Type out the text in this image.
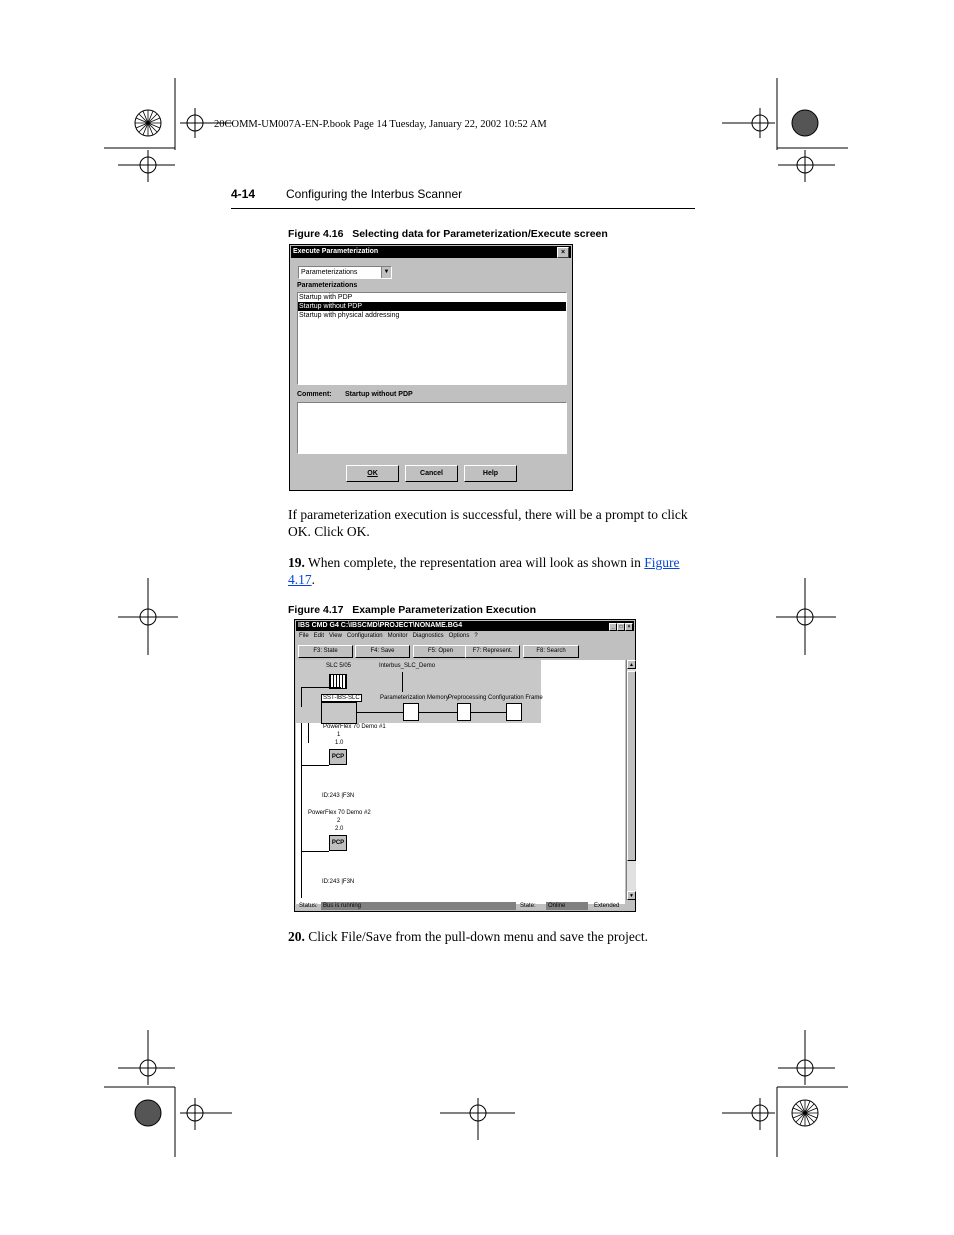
20COMM-UM007A-EN-P.book Page 14 Tuesday, January 22, 2002 10:52 AM
4-14	Configuring the Interbus Scanner
Figure 4.16   Selecting data for Parameterization/Execute screen
Execute Parameterization	×
Parameterizations	▼
Parameterizations
Startup with PDP
Startup without PDP
Startup with physical addressing
Comment: Startup without PDP
OK	Cancel	Help
If parameterization execution is successful, there will be a prompt to click OK. Click OK.
19. When complete, the representation area will look as shown in Figure 4.17.
Figure 4.17   Example Parameterization Execution
IBS CMD G4 C:\IBSCMD\PROJECT\NONAME.BG4	_ □ ×
File Edit View Configuration Monitor Diagnostics Options ?
F3: State	F4: Save	F5: Open	F7: Represent.	F8: Search
SLC 5/05	Interbus_SLC_Demo
SST-IBS-SLC	Parameterization Memory Preprocessing Configuration Frame
PowerFlex 70 Demo #1
1
1.0
PCP
ID:243 |F3N
PowerFlex 70 Demo #2
2
2.0
PCP
ID:243 |F3N
▲
▼
Status: Bus is running	State:	Online	Extended
20. Click File/Save from the pull-down menu and save the project.
